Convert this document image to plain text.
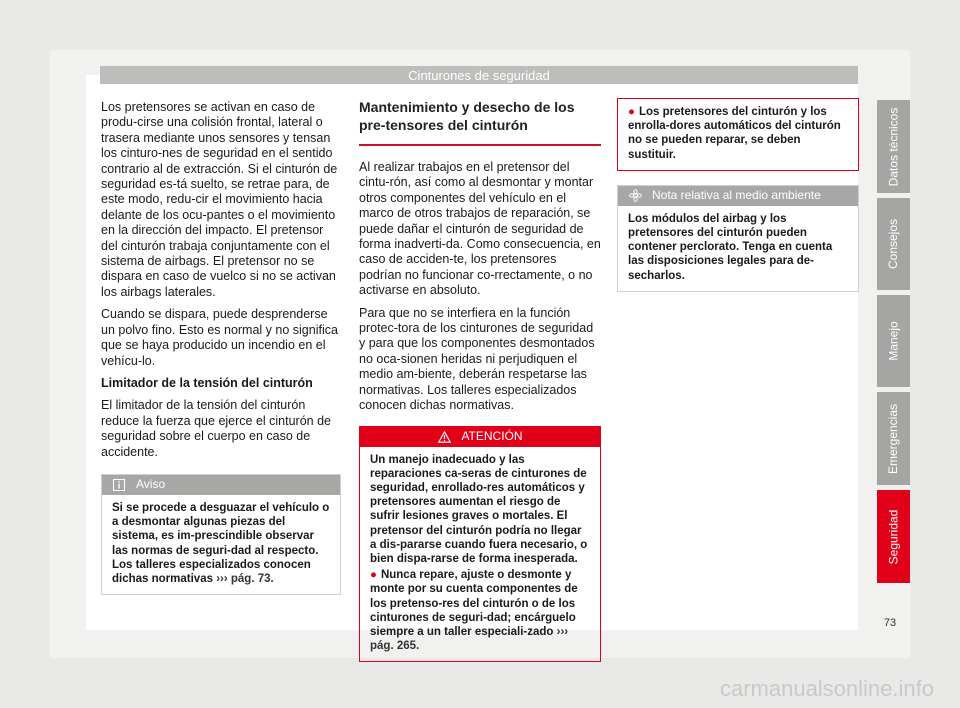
Cinturones de seguridad

Los pretensores se activan en caso de produ-cirse una colisión frontal, lateral o trasera mediante unos sensores y tensan los cinturo-nes de seguridad en el sentido contrario al de extracción. Si el cinturón de seguridad es-tá suelto, se retrae para, de este modo, redu-cir el movimiento hacia delante de los ocu-pantes o el movimiento en la dirección del impacto. El pretensor del cinturón trabaja conjuntamente con el sistema de airbags. El pretensor no se dispara en caso de vuelco si no se activan los airbags laterales.

Cuando se dispara, puede desprenderse un polvo fino. Esto es normal y no significa que se haya producido un incendio en el vehícu-lo.

Limitador de la tensión del cinturón

El limitador de la tensión del cinturón reduce la fuerza que ejerce el cinturón de seguridad sobre el cuerpo en caso de accidente.

Aviso
Si se procede a desguazar el vehículo o a desmontar algunas piezas del sistema, es im-prescindible observar las normas de seguri-dad al respecto. Los talleres especializados conocen dichas normativas ››› pág. 73.
Mantenimiento y desecho de los pre-tensores del cinturón

Al realizar trabajos en el pretensor del cintu-rón, así como al desmontar y montar otros componentes del vehículo en el marco de otros trabajos de reparación, se puede dañar el cinturón de seguridad de forma inadverti-da. Como consecuencia, en caso de acciden-te, los pretensores podrían no funcionar co-rrectamente, o no activarse en absoluto.

Para que no se interfiera en la función protec-tora de los cinturones de seguridad y para que los componentes desmontados no oca-sionen heridas ni perjudiquen el medio am-biente, deberán respetarse las normativas. Los talleres especializados conocen dichas normativas.

ATENCIÓN
Un manejo inadecuado y las reparaciones ca-seras de cinturones de seguridad, enrollado-res automáticos y pretensores aumentan el riesgo de sufrir lesiones graves o mortales. El pretensor del cinturón podría no llegar a dis-pararse cuando fuera necesario, o bien dispa-rarse de forma inesperada.
● Nunca repare, ajuste o desmonte y monte por su cuenta componentes de los pretenso-res del cinturón o de los cinturones de seguri-dad; encárguelo siempre a un taller especiali-zado ››› pág. 265.
● Los pretensores del cinturón y los enrolla-dores automáticos del cinturón no se pueden reparar, se deben sustituir.
Nota relativa al medio ambiente
Los módulos del airbag y los pretensores del cinturón pueden contener perclorato. Tenga en cuenta las disposiciones legales para de-secharlos.
Datos técnicos
Consejos
Manejo
Emergencias
Seguridad
73
carmanualsonline.info
